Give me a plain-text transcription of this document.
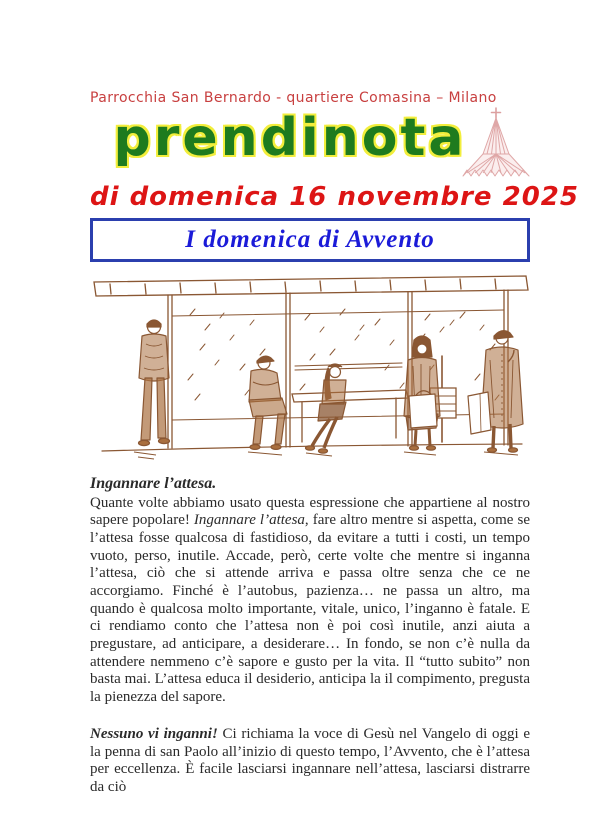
Parrocchia San Bernardo - quartiere Comasina – Milano
prendinota
di domenica 16 novembre 2025
I domenica di Avvento
Ingannare l’attesa.

Quante volte abbiamo usato questa espressione che appartiene al nostro sapere popolare! Ingannare l’attesa, fare altro mentre si aspetta, come se l’attesa fosse qualcosa di fastidioso, da evitare a tutti i costi, un tempo vuoto, perso, inutile. Accade, però, certe volte che mentre si inganna l’attesa, ciò che si attende arriva e passa oltre senza che ce ne accorgiamo. Finché è l’autobus, pazienza… ne passa un altro, ma quando è qualcosa molto importante, vitale, unico, l’inganno è fatale. E ci rendiamo conto che l’attesa non è poi così inutile, anzi aiuta a pregustare, ad anticipare, a desiderare… In fondo, se non c’è nulla da attendere nemmeno c’è sapore e gusto per la vita. Il “tutto subito” non basta mai. L’attesa educa il desiderio, anticipa la il compimento, pregusta la pienezza del sapore.

Nessuno vi inganni! Ci richiama la voce di Gesù nel Vangelo di oggi e la penna di san Paolo all’inizio di questo tempo, l’Avvento, che è l’attesa per eccellenza. È facile lasciarsi ingannare nell’attesa, lasciarsi distrarre da ciò
